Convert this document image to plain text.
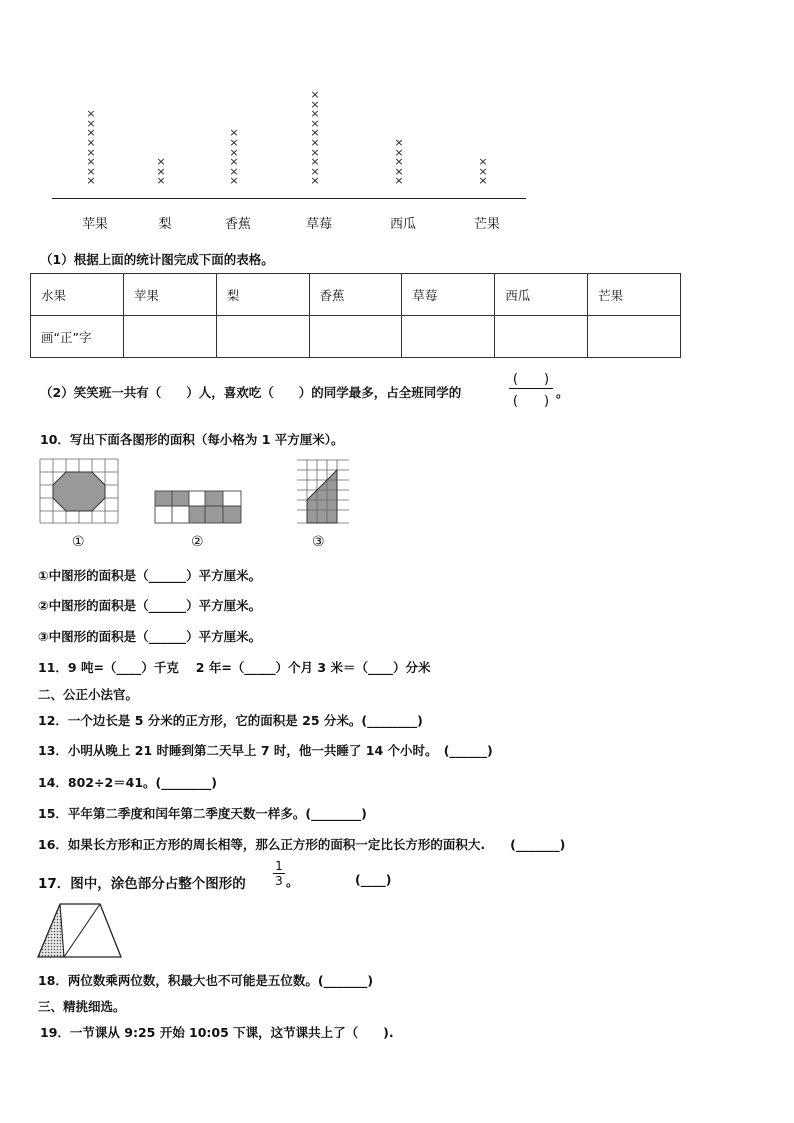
×
×
×
×
×
×
×
×
×
×
×
×
×
×
×
×
×
×
×
×
×
×
×
×
×
×
×
×
×
×
×
×
×
×
×
苹果	梨	香蕉	草莓	西瓜	芒果
（1）根据上面的统计图完成下面的表格。
水果	苹果	梨	香蕉	草莓	西瓜	芒果
画“正”字						
（2）笑笑班一共有（　　）人，喜欢吃（　　）的同学最多，占全班同学的
(　　)
(　　)
。
10．写出下面各图形的面积（每小格为 1 平方厘米）。
①	②	③
①中图形的面积是（______）平方厘米。
②中图形的面积是（______）平方厘米。
③中图形的面积是（______）平方厘米。
11．9 吨=（____）千克　 2 年=（_____）个月 3 米＝（____）分米
二、公正小法官。
12．一个边长是 5 分米的正方形，它的面积是 25 分米。(________)
13．小明从晚上 21 时睡到第二天早上 7 时，他一共睡了 14 个小时。　(______)
14．802÷2＝41。(________)
15．平年第二季度和闰年第二季度天数一样多。(________)
16．如果长方形和正方形的周长相等，那么正方形的面积一定比长方形的面积大.　　(_______)
17．图中，涂色部分占整个图形的
1
3 。	(____)
18．两位数乘两位数，积最大也不可能是五位数。(_______)
三、精挑细选。
19．一节课从 9:25 开始 10:05 下课，这节课共上了（　　).
